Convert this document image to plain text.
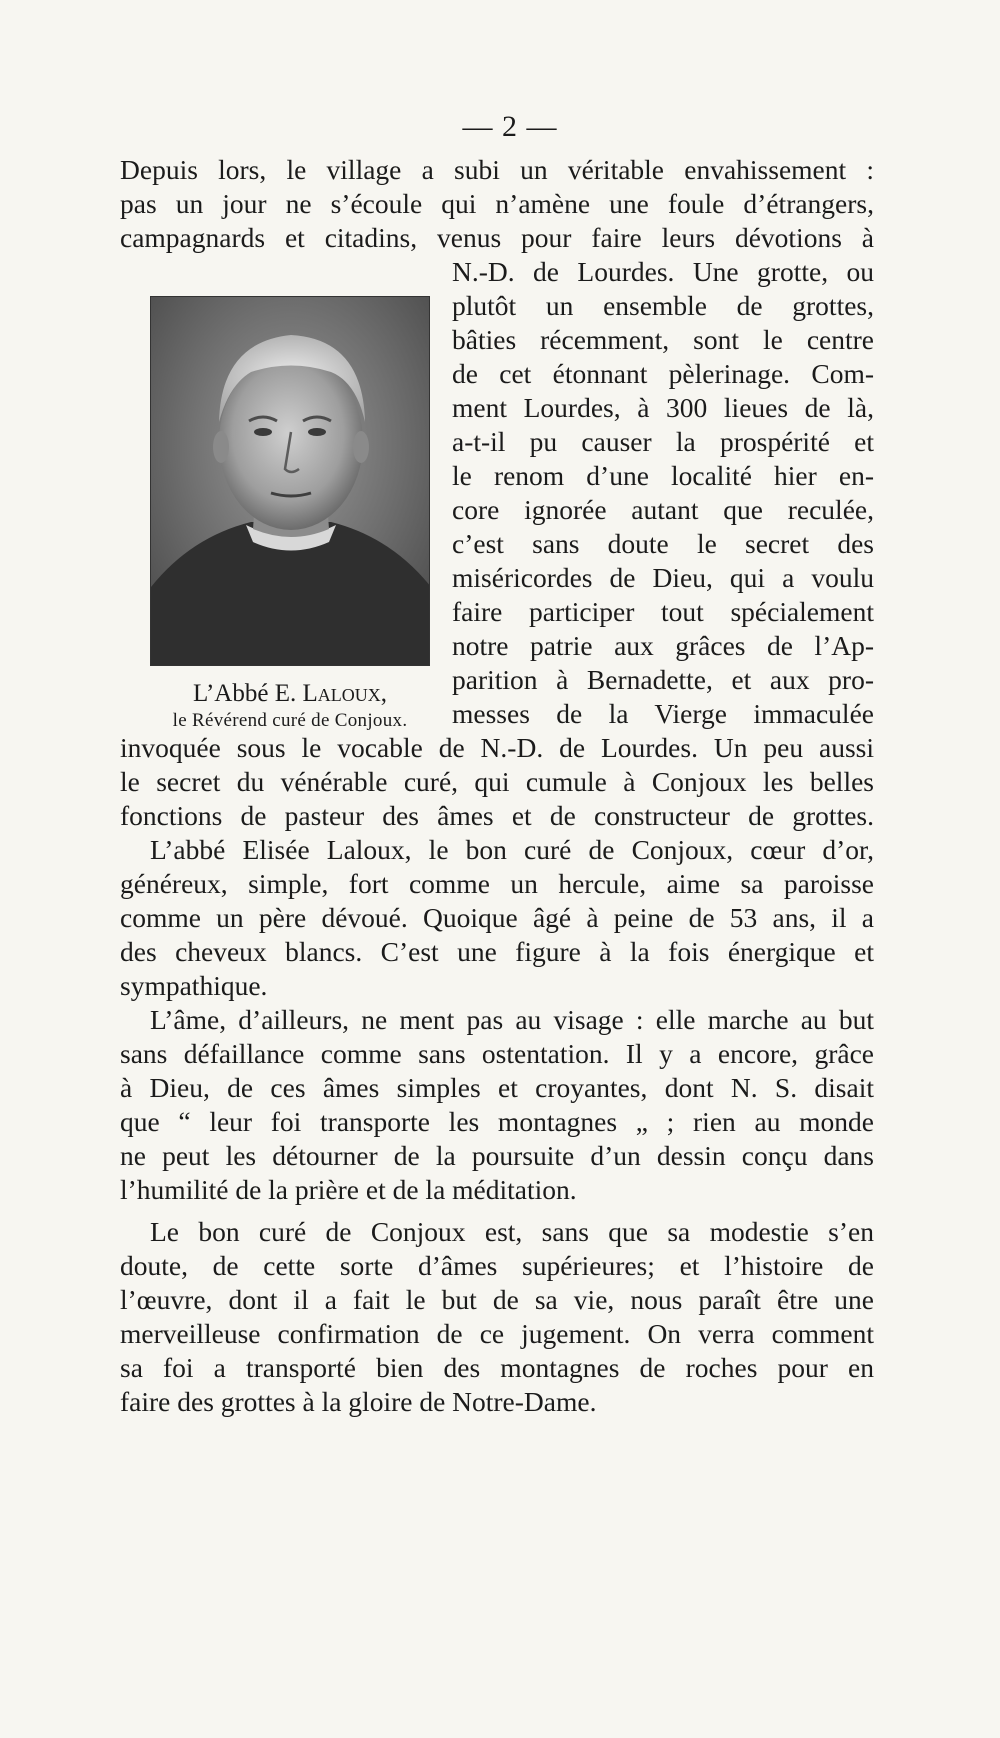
— 2 —
L’Abbé E. Laloux,
le Révérend curé de Conjoux.
Depuis lors, le village a subi un véritable envahissement :
pas un jour ne s’écoule qui n’amène une foule d’étrangers,
campagnards et citadins, venus pour faire leurs dévotions à
N.-D. de Lourdes. Une grotte, ou
plutôt un ensemble de grottes,
bâties récemment, sont le centre
de cet étonnant pèlerinage. Com-
ment Lourdes, à 300 lieues de là,
a-t-il pu causer la prospérité et
le renom d’une localité hier en-
core ignorée autant que reculée,
c’est sans doute le secret des
miséricordes de Dieu, qui a voulu
faire participer tout spécialement
notre patrie aux grâces de l’Ap-
parition à Bernadette, et aux pro-
messes de la Vierge immaculée
invoquée sous le vocable de N.-D. de Lourdes. Un peu aussi
le secret du vénérable curé, qui cumule à Conjoux les belles
fonctions de pasteur des âmes et de constructeur de grottes.
L’abbé Elisée Laloux, le bon curé de Conjoux, cœur d’or,
généreux, simple, fort comme un hercule, aime sa paroisse
comme un père dévoué. Quoique âgé à peine de 53 ans, il a
des cheveux blancs. C’est une figure à la fois énergique et
sympathique.
L’âme, d’ailleurs, ne ment pas au visage : elle marche au but
sans défaillance comme sans ostentation. Il y a encore, grâce
à Dieu, de ces âmes simples et croyantes, dont N. S. disait
que “ leur foi transporte les montagnes „ ; rien au monde
ne peut les détourner de la poursuite d’un dessin conçu dans
l’humilité de la prière et de la méditation.
Le bon curé de Conjoux est, sans que sa modestie s’en
doute, de cette sorte d’âmes supérieures; et l’histoire de
l’œuvre, dont il a fait le but de sa vie, nous paraît être une
merveilleuse confirmation de ce jugement. On verra comment
sa foi a transporté bien des montagnes de roches pour en
faire des grottes à la gloire de Notre-Dame.
